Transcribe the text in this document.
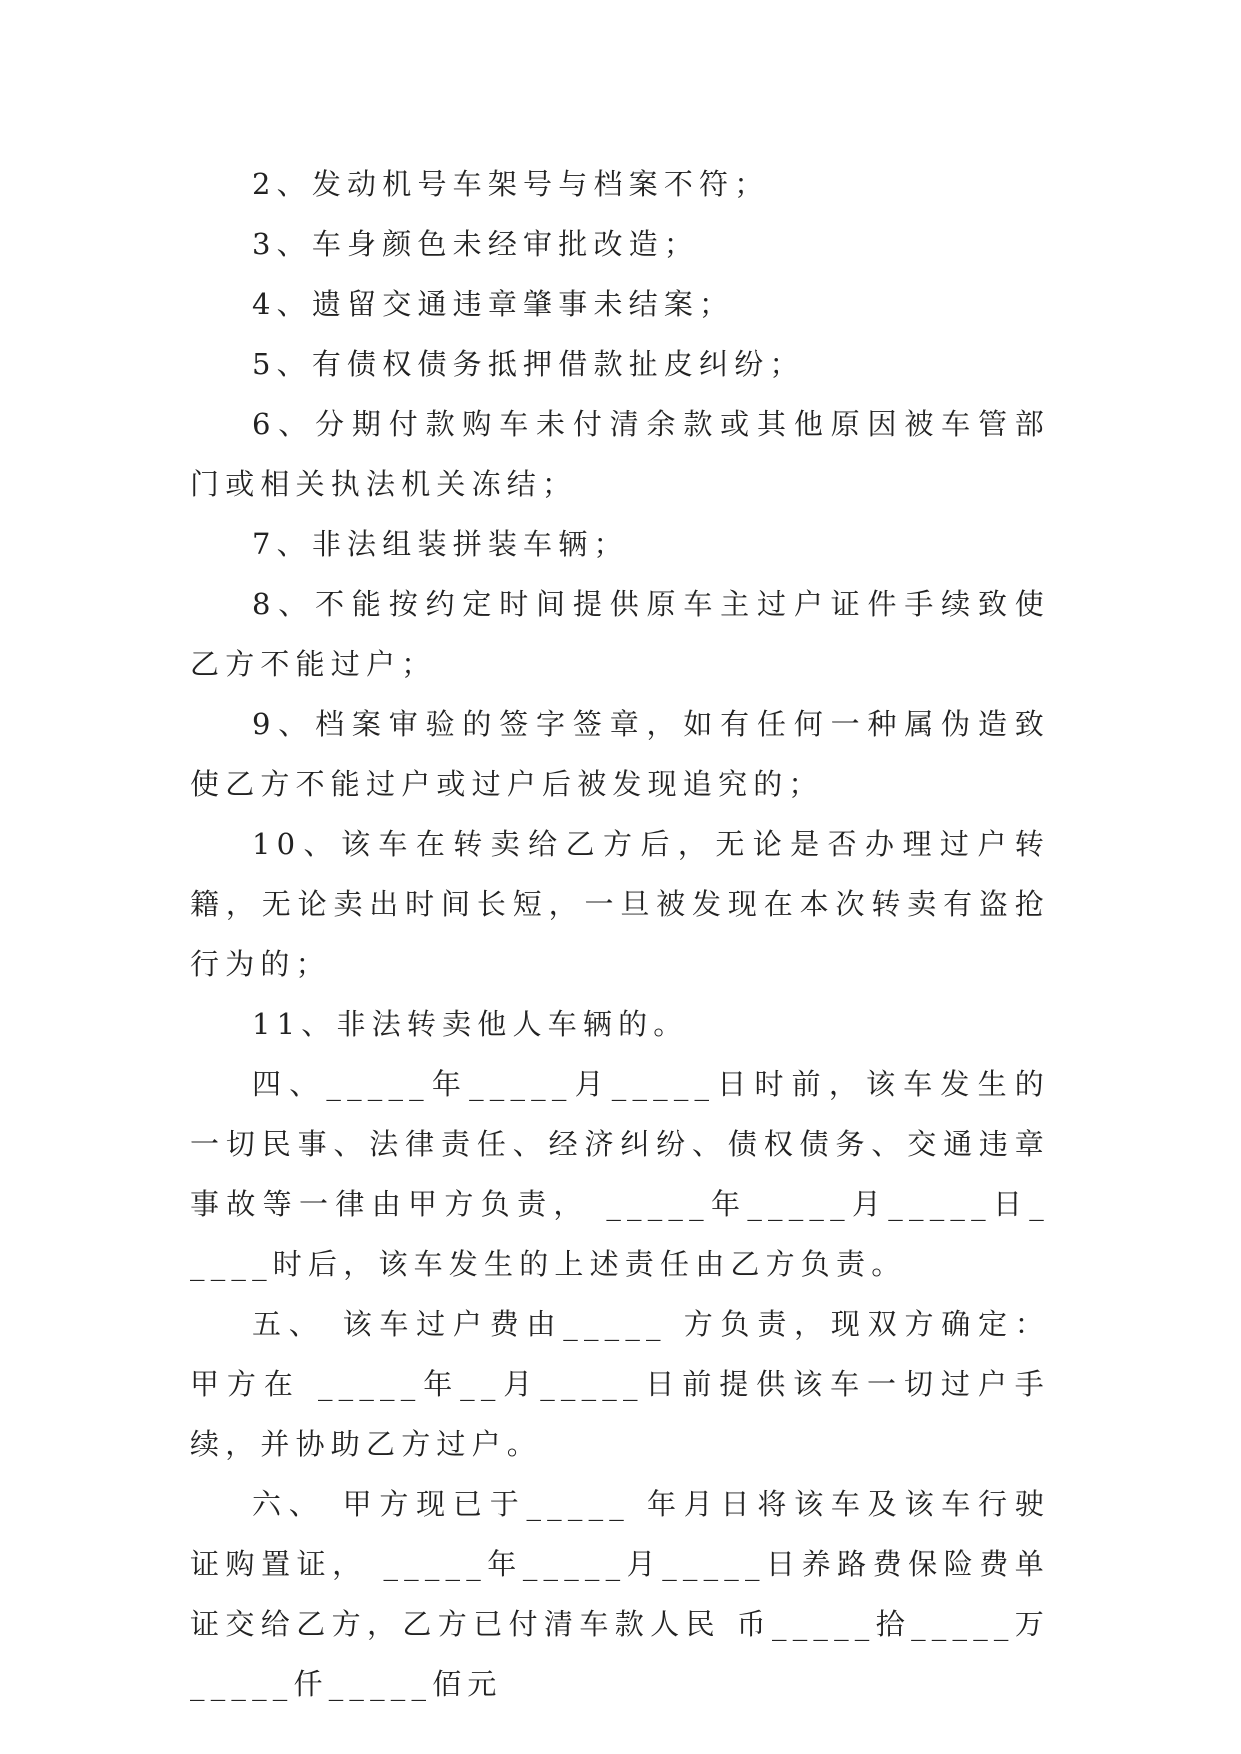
2、发动机号车架号与档案不符；

3、车身颜色未经审批改造；

4、遗留交通违章肇事未结案；

5、有债权债务抵押借款扯皮纠纷；

6、分期付款购车未付清余款或其他原因被车管部门或相关执法机关冻结；

7、非法组装拼装车辆；

8、不能按约定时间提供原车主过户证件手续致使乙方不能过户；

9、档案审验的签字签章，如有任何一种属伪造致使乙方不能过户或过户后被发现追究的；

10、该车在转卖给乙方后，无论是否办理过户转籍，无论卖出时间长短，一旦被发现在本次转卖有盗抢行为的；

11、非法转卖他人车辆的。

四、_____年_____月_____日时前，该车发生的一切民事、法律责任、经济纠纷、债权债务、交通违章事故等一律由甲方负责， _____年_____月_____日_____时后，该车发生的上述责任由乙方负责。

五、 该车过户费由_____ 方负责，现双方确定：甲方在 _____年__月_____日前提供该车一切过户手续，并协助乙方过户。

六、 甲方现已于_____ 年月日将该车及该车行驶证购置证， _____年_____月_____日养路费保险费单证交给乙方，乙方已付清车款人民 币_____拾_____万_____仟_____佰元
